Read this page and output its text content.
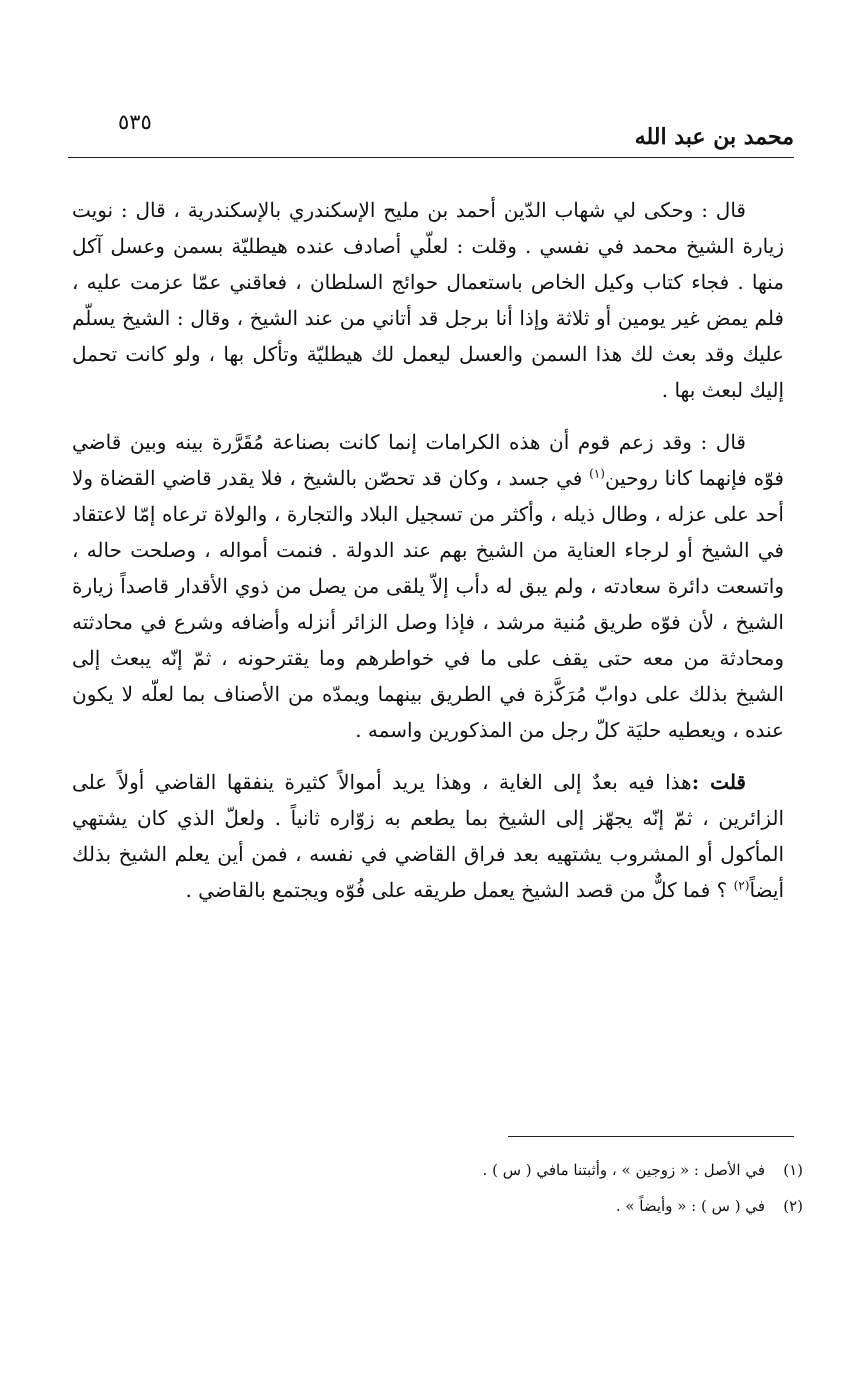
٥٣٥
محمد بن عبد الله

قال : وحكى لي شهاب الدّين أحمد بن مليح الإسكندري بالإسكندرية ، قال : نويت زيارة الشيخ محمد في نفسي . وقلت : لعلّي أصادف عنده هيطليّة بسمن وعسل آكل منها . فجاء كتاب وكيل الخاص باستعمال حوائج السلطان ، فعاقني عمّا عزمت عليه ، فلم يمض غير يومين أو ثلاثة وإذا أنا برجل قد أتاني من عند الشيخ ، وقال : الشيخ يسلّم عليك وقد بعث لك هذا السمن والعسل ليعمل لك هيطليّة وتأكل بها ، ولو كانت تحمل إليك لبعث بها .

قال : وقد زعم قوم أن هذه الكرامات إنما كانت بصناعة مُقَرَّرة بينه وبين قاضي فوّه فإنهما كانا روحين$^{(١)}$ في جسد ، وكان قد تحصّن بالشيخ ، فلا يقدر قاضي القضاة ولا أحد على عزله ، وطال ذيله ، وأكثر من تسجيل البلاد والتجارة ، والولاة ترعاه إمّا لاعتقاد في الشيخ أو لرجاء العناية من الشيخ بهم عند الدولة . فنمت أمواله ، وصلحت حاله ، واتسعت دائرة سعادته ، ولم يبق له دأب إلاّ يلقى من يصل من ذوي الأقدار قاصداً زيارة الشيخ ، لأن فوّه طريق مُنية مرشد ، فإذا وصل الزائر أنزله وأضافه وشرع في محادثته ومحادثة من معه حتى يقف على ما في خواطرهم وما يقترحونه ، ثمّ إنّه يبعث إلى الشيخ بذلك على دوابّ مُرَكَّزة في الطريق بينهما ويمدّه من الأصناف بما لعلّه لا يكون عنده ، ويعطيه حليَة كلّ رجل من المذكورين واسمه .

قلت :هذا فيه بعدٌ إلى الغاية ، وهذا يريد أموالاً كثيرة ينفقها القاضي أولاً على الزائرين ، ثمّ إنّه يجهّز إلى الشيخ بما يطعم به زوّاره ثانياً . ولعلّ الذي كان يشتهي المأكول أو المشروب يشتهيه بعد فراق القاضي في نفسه ، فمن أين يعلم الشيخ بذلك أيضاً$^{(٢)}$ ؟ فما كلٌّ من قصد الشيخ يعمل طريقه على فُوّه ويجتمع بالقاضي .

(١)
في الأصل : « زوجين » ، وأثبتنا مافي ( س ) .
(٢)
في ( س ) : « وأيضاً » .
